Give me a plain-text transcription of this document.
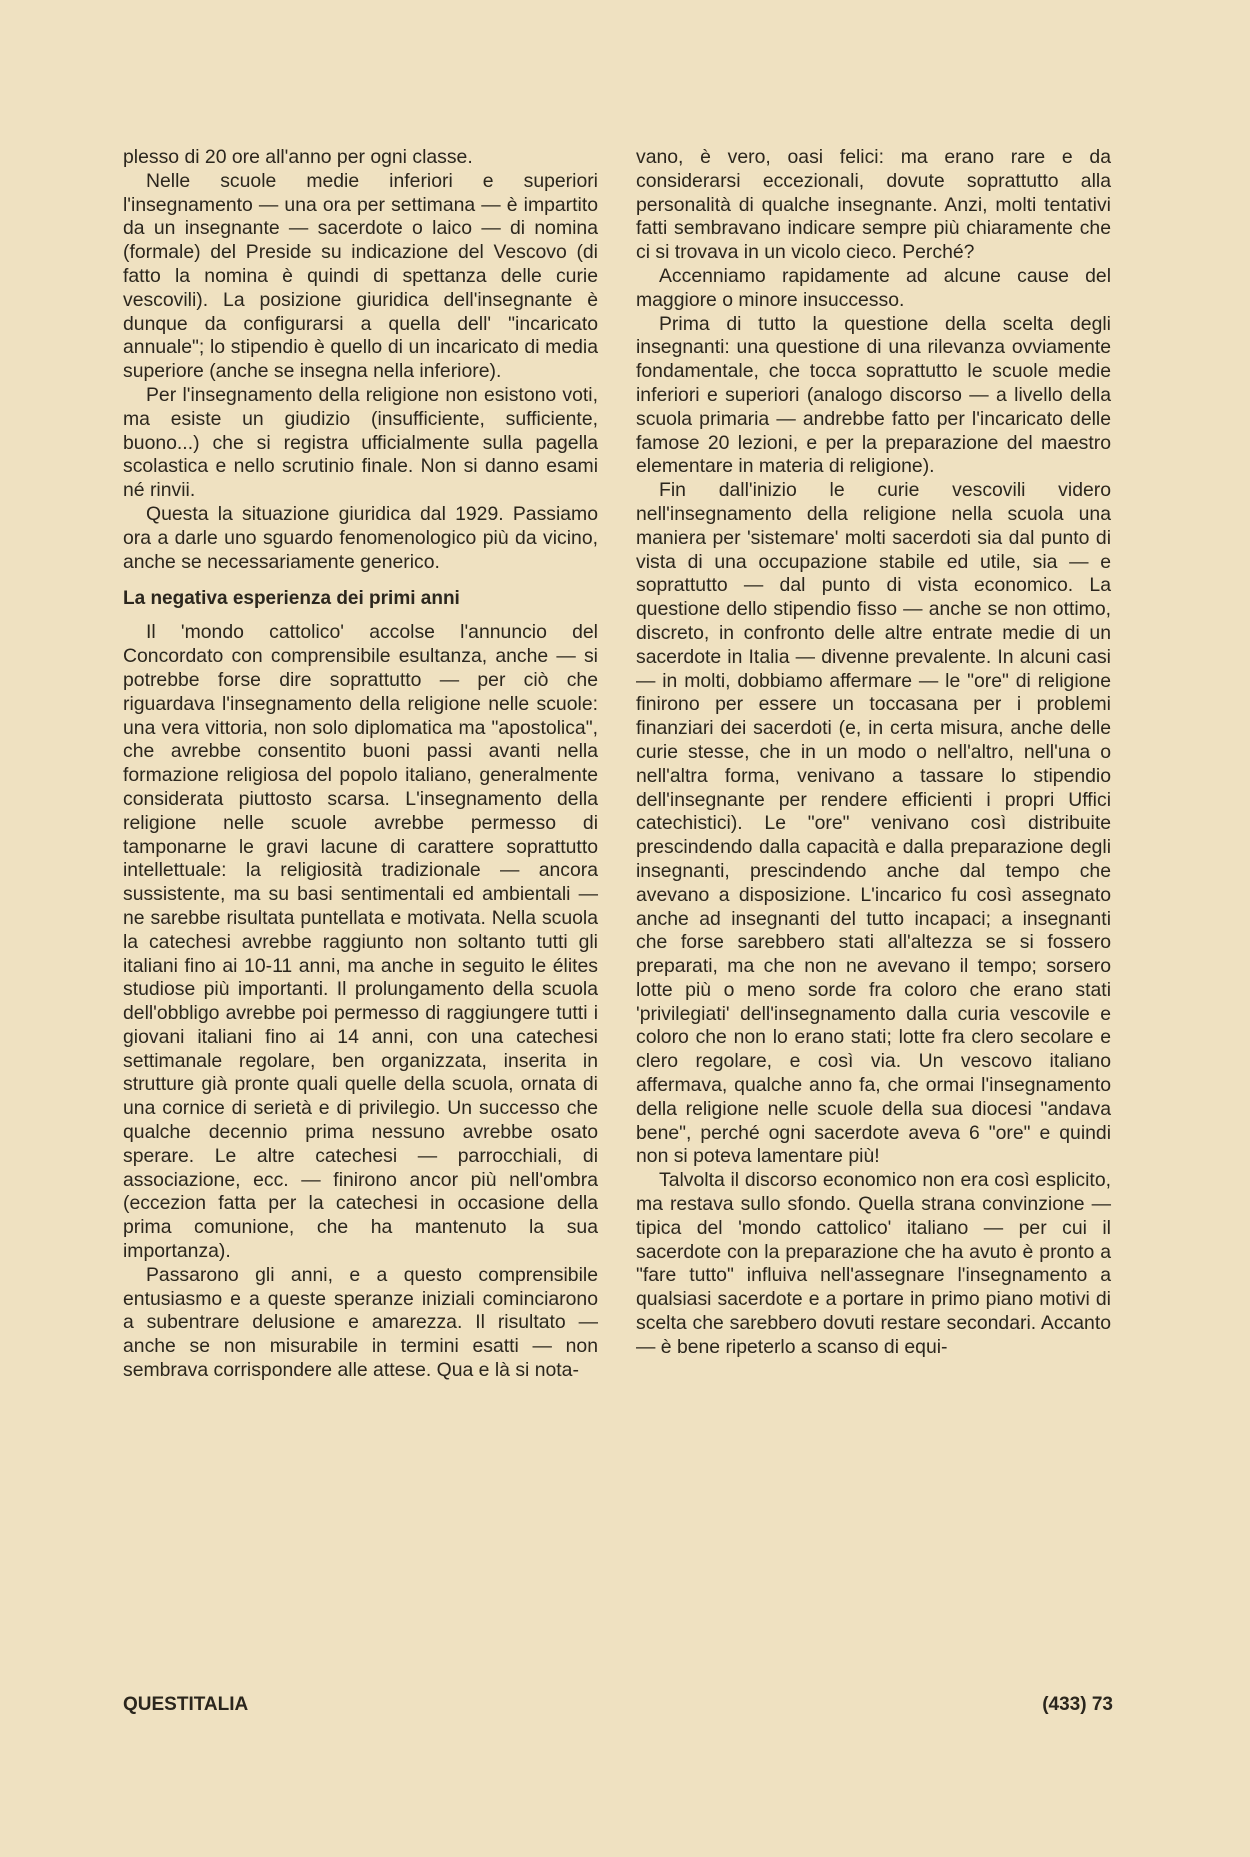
plesso di 20 ore all'anno per ogni classe.

Nelle scuole medie inferiori e superiori l'insegnamento — una ora per settimana — è impartito da un insegnante — sacerdote o laico — di nomina (formale) del Preside su indicazione del Vescovo (di fatto la nomina è quindi di spettanza delle curie vescovili). La posizione giuridica dell'insegnante è dunque da configurarsi a quella dell' "incaricato annuale"; lo stipendio è quello di un incaricato di media superiore (anche se insegna nella inferiore).

Per l'insegnamento della religione non esistono voti, ma esiste un giudizio (insufficiente, sufficiente, buono...) che si registra ufficialmente sulla pagella scolastica e nello scrutinio finale. Non si danno esami né rinvii.

Questa la situazione giuridica dal 1929. Passiamo ora a darle uno sguardo fenomenologico più da vicino, anche se necessariamente generico.

La negativa esperienza dei primi anni

Il 'mondo cattolico' accolse l'annuncio del Concordato con comprensibile esultanza, anche — si potrebbe forse dire soprattutto — per ciò che riguardava l'insegnamento della religione nelle scuole: una vera vittoria, non solo diplomatica ma "apostolica", che avrebbe consentito buoni passi avanti nella formazione religiosa del popolo italiano, generalmente considerata piuttosto scarsa. L'insegnamento della religione nelle scuole avrebbe permesso di tamponarne le gravi lacune di carattere soprattutto intellettuale: la religiosità tradizionale — ancora sussistente, ma su basi sentimentali ed ambientali — ne sarebbe risultata puntellata e motivata. Nella scuola la catechesi avrebbe raggiunto non soltanto tutti gli italiani fino ai 10-11 anni, ma anche in seguito le élites studiose più importanti. Il prolungamento della scuola dell'obbligo avrebbe poi permesso di raggiungere tutti i giovani italiani fino ai 14 anni, con una catechesi settimanale regolare, ben organizzata, inserita in strutture già pronte quali quelle della scuola, ornata di una cornice di serietà e di privilegio. Un successo che qualche decennio prima nessuno avrebbe osato sperare. Le altre catechesi — parrocchiali, di associazione, ecc. — finirono ancor più nell'ombra (eccezion fatta per la catechesi in occasione della prima comunione, che ha mantenuto la sua importanza).

Passarono gli anni, e a questo comprensibile entusiasmo e a queste speranze iniziali cominciarono a subentrare delusione e amarezza. Il risultato — anche se non misurabile in termini esatti — non sembrava corrispondere alle attese. Qua e là si nota-

vano, è vero, oasi felici: ma erano rare e da considerarsi eccezionali, dovute soprattutto alla personalità di qualche insegnante. Anzi, molti tentativi fatti sembravano indicare sempre più chiaramente che ci si trovava in un vicolo cieco. Perché?

Accenniamo rapidamente ad alcune cause del maggiore o minore insuccesso.

Prima di tutto la questione della scelta degli insegnanti: una questione di una rilevanza ovviamente fondamentale, che tocca soprattutto le scuole medie inferiori e superiori (analogo discorso — a livello della scuola primaria — andrebbe fatto per l'incaricato delle famose 20 lezioni, e per la preparazione del maestro elementare in materia di religione).

Fin dall'inizio le curie vescovili videro nell'insegnamento della religione nella scuola una maniera per 'sistemare' molti sacerdoti sia dal punto di vista di una occupazione stabile ed utile, sia — e soprattutto — dal punto di vista economico. La questione dello stipendio fisso — anche se non ottimo, discreto, in confronto delle altre entrate medie di un sacerdote in Italia — divenne prevalente. In alcuni casi — in molti, dobbiamo affermare — le "ore" di religione finirono per essere un toccasana per i problemi finanziari dei sacerdoti (e, in certa misura, anche delle curie stesse, che in un modo o nell'altro, nell'una o nell'altra forma, venivano a tassare lo stipendio dell'insegnante per rendere efficienti i propri Uffici catechistici). Le "ore" venivano così distribuite prescindendo dalla capacità e dalla preparazione degli insegnanti, prescindendo anche dal tempo che avevano a disposizione. L'incarico fu così assegnato anche ad insegnanti del tutto incapaci; a insegnanti che forse sarebbero stati all'altezza se si fossero preparati, ma che non ne avevano il tempo; sorsero lotte più o meno sorde fra coloro che erano stati 'privilegiati' dell'insegnamento dalla curia vescovile e coloro che non lo erano stati; lotte fra clero secolare e clero regolare, e così via. Un vescovo italiano affermava, qualche anno fa, che ormai l'insegnamento della religione nelle scuole della sua diocesi "andava bene", perché ogni sacerdote aveva 6 "ore" e quindi non si poteva lamentare più!

Talvolta il discorso economico non era così esplicito, ma restava sullo sfondo. Quella strana convinzione — tipica del 'mondo cattolico' italiano — per cui il sacerdote con la preparazione che ha avuto è pronto a "fare tutto" influiva nell'assegnare l'insegnamento a qualsiasi sacerdote e a portare in primo piano motivi di scelta che sarebbero dovuti restare secondari. Accanto — è bene ripeterlo a scanso di equi-

QUESTITALIA	(433) 73
